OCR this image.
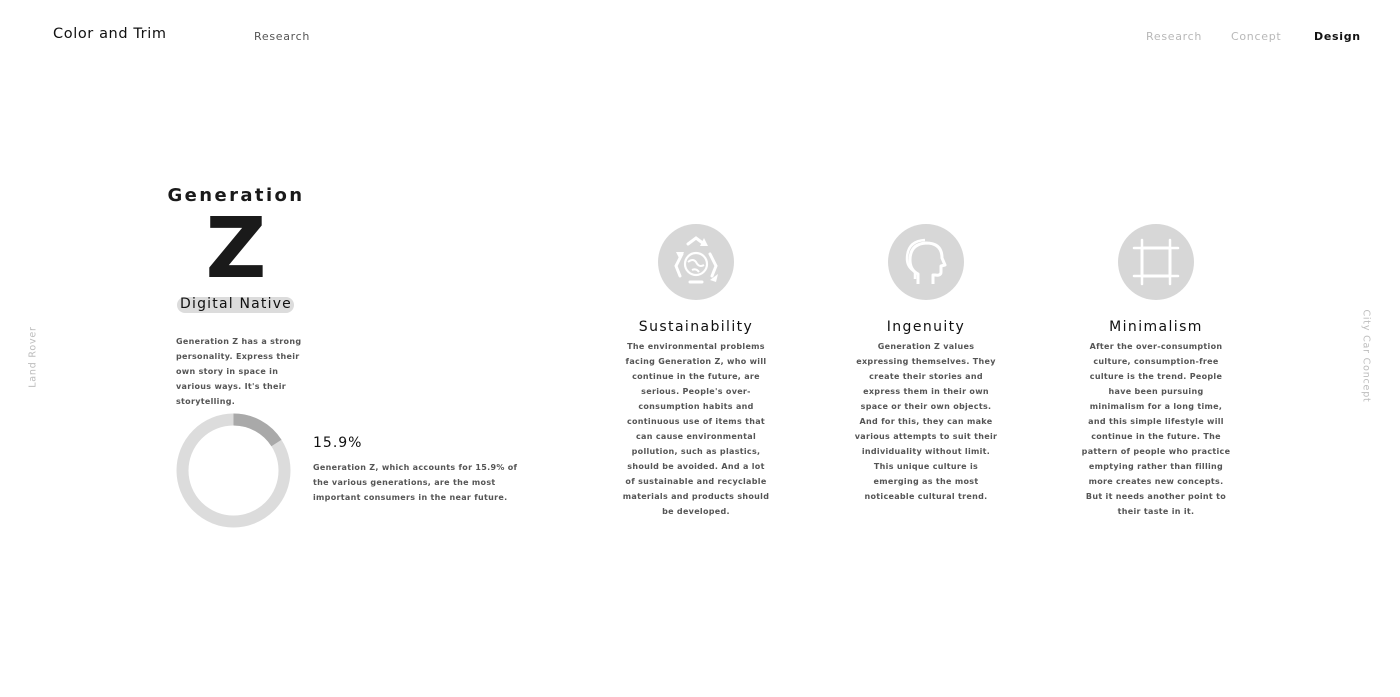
Color and Trim	Research	Research	Concept	Design
Land Rover	City Car Concept
Generation
Z
Digital Native
Generation Z has a strong personality. Express their own story in space in various ways. It's their storytelling.
15.9%
Generation Z, which accounts for 15.9% of the various generations, are the most important consumers in the near future.
Sustainability
The environmental problems facing Generation Z, who will continue in the future, are serious. People's over-consumption habits and continuous use of items that can cause environmental pollution, such as plastics, should be avoided. And a lot of sustainable and recyclable materials and products should be developed.
Ingenuity
Generation Z values expressing themselves. They create their stories and express them in their own space or their own objects. And for this, they can make various attempts to suit their individuality without limit. This unique culture is emerging as the most noticeable cultural trend.
Minimalism
After the over-consumption culture, consumption-free culture is the trend. People have been pursuing minimalism for a long time, and this simple lifestyle will continue in the future. The pattern of people who practice emptying rather than filling more creates new concepts. But it needs another point to their taste in it.
